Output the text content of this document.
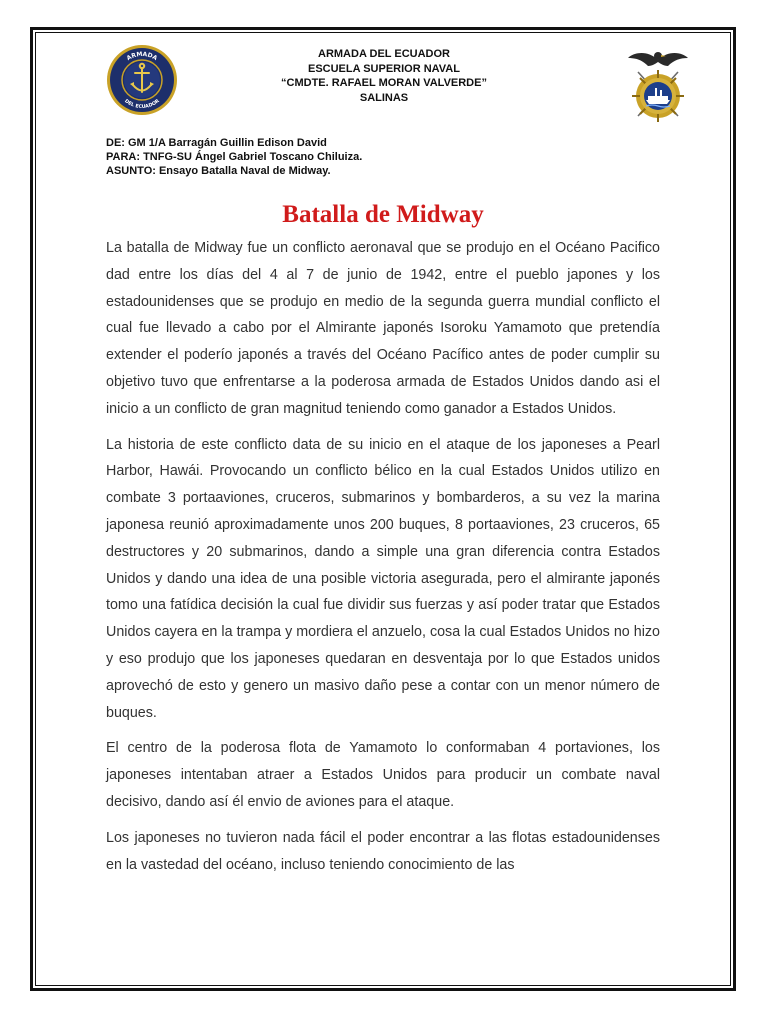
ARMADA
DEL ECUADOR
ARMADA DEL ECUADOR
ESCUELA SUPERIOR NAVAL
“CMDTE. RAFAEL MORAN VALVERDE”
SALINAS
DE: GM 1/A Barragán Guillin Edison David
PARA: TNFG-SU Ángel Gabriel Toscano Chiluiza.
ASUNTO: Ensayo Batalla Naval de Midway.
Batalla de Midway

La batalla de Midway fue un conflicto aeronaval que se produjo en el Océano Pacifico dad entre los días del 4 al 7 de junio de 1942, entre el pueblo japones y los estadounidenses que se produjo en medio de la segunda guerra mundial conflicto el cual fue llevado a cabo por el Almirante japonés Isoroku Yamamoto que pretendía extender el poderío japonés a través del Océano Pacífico antes de poder cumplir su objetivo tuvo que enfrentarse a la poderosa armada de Estados Unidos dando asi el inicio a un conflicto de gran magnitud teniendo como ganador a Estados Unidos.

La historia de este conflicto data de su inicio en el ataque de los japoneses a Pearl Harbor, Hawái. Provocando un conflicto bélico en la cual Estados Unidos utilizo en combate 3 portaaviones, cruceros, submarinos y bombarderos, a su vez la marina japonesa reunió aproximadamente unos 200 buques, 8 portaaviones, 23 cruceros, 65 destructores y 20 submarinos, dando a simple una gran diferencia contra Estados Unidos y dando una idea de una posible victoria asegurada, pero el almirante japonés tomo una fatídica decisión la cual fue dividir sus fuerzas y así poder tratar que Estados Unidos cayera en la trampa y mordiera el anzuelo, cosa la cual Estados Unidos no hizo y eso produjo que los japoneses quedaran en desventaja por lo que Estados unidos aprovechó de esto y genero un masivo daño pese a contar con un menor número de buques.

El centro de la poderosa flota de Yamamoto lo conformaban 4 portaviones, los japoneses intentaban atraer a Estados Unidos para producir un combate naval decisivo, dando así él envio de aviones para el ataque.

Los japoneses no tuvieron nada fácil el poder encontrar a las flotas estadounidenses en la vastedad del océano, incluso teniendo conocimiento de las
